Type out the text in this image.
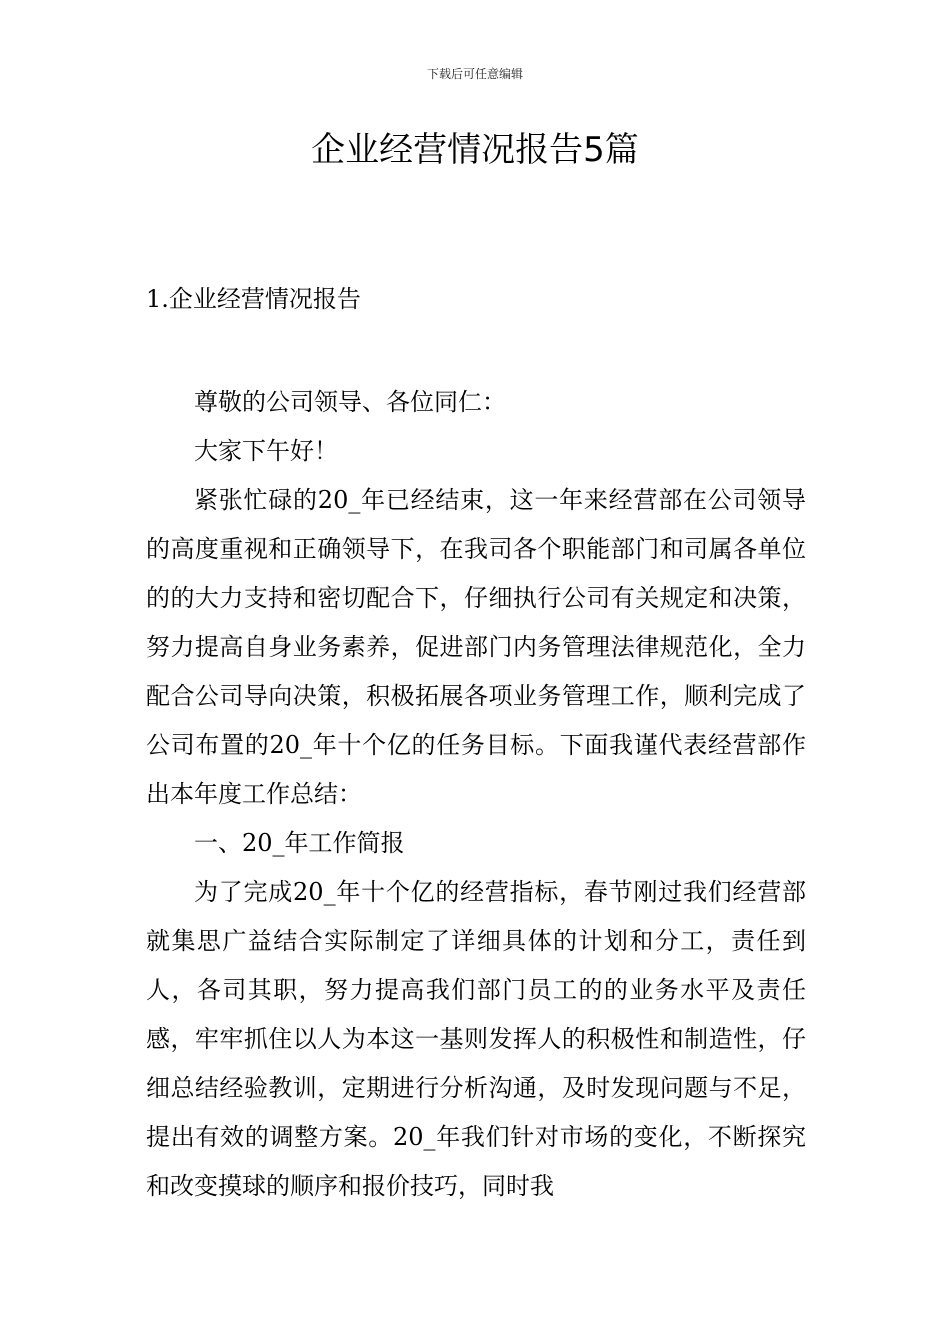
下载后可任意编辑
企业经营情况报告5篇
1.企业经营情况报告

尊敬的公司领导、各位同仁：

大家下午好！

紧张忙碌的20_年已经结束，这一年来经营部在公司领导的高度重视和正确领导下，在我司各个职能部门和司属各单位的的大力支持和密切配合下，仔细执行公司有关规定和决策，努力提高自身业务素养，促进部门内务管理法律规范化，全力配合公司导向决策，积极拓展各项业务管理工作，顺利完成了公司布置的20_年十个亿的任务目标。下面我谨代表经营部作出本年度工作总结：

一、20_年工作简报

为了完成20_年十个亿的经营指标，春节刚过我们经营部就集思广益结合实际制定了详细具体的计划和分工，责任到人，各司其职，努力提高我们部门员工的的业务水平及责任感，牢牢抓住以人为本这一基则发挥人的积极性和制造性，仔细总结经验教训，定期进行分析沟通，及时发现问题与不足，提出有效的调整方案。20_年我们针对市场的变化，不断探究和改变摸球的顺序和报价技巧，同时我
